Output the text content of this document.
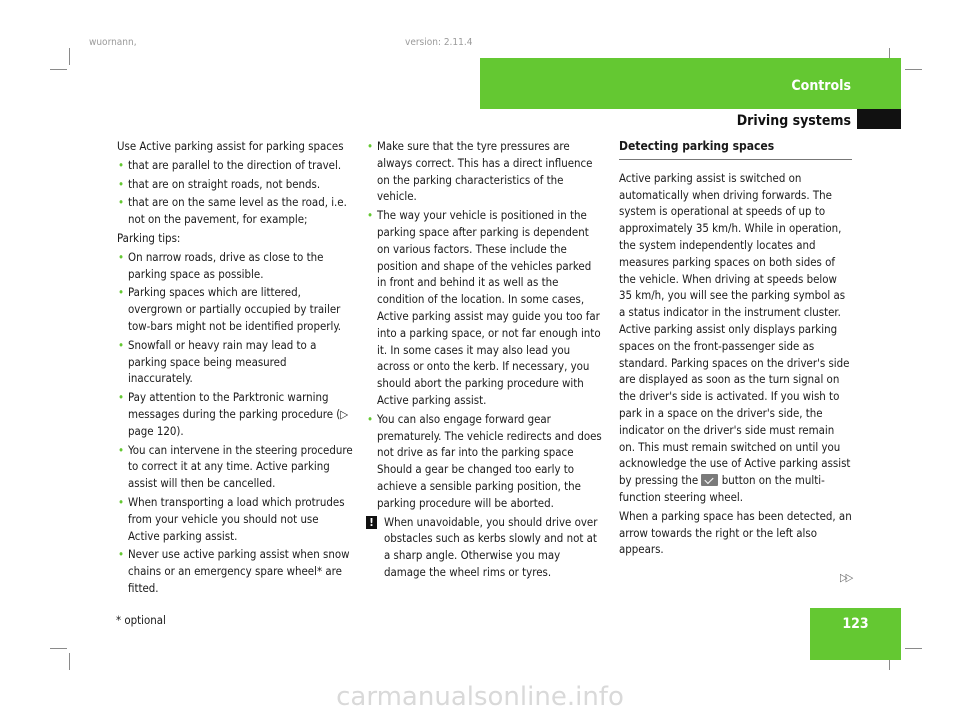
wuornann,	version: 2.11.4
Controls
Driving systems

Use Active parking assist for parking spaces

• that are parallel to the direction of travel.
• that are on straight roads, not bends.
• that are on the same level as the road, i.e. not on the pavement, for example;

Parking tips:

• On narrow roads, drive as close to the parking space as possible.
• Parking spaces which are littered, overgrown or partially occupied by trailer tow-bars might not be identified properly.
• Snowfall or heavy rain may lead to a parking space being measured inaccurately.
• Pay attention to the Parktronic warning messages during the parking procedure (▷ page 120).
• You can intervene in the steering procedure to correct it at any time. Active parking assist will then be cancelled.
• When transporting a load which protrudes from your vehicle you should not use Active parking assist.
• Never use active parking assist when snow chains or an emergency spare wheel* are fitted.
• Make sure that the tyre pressures are always correct. This has a direct influence on the parking characteristics of the vehicle.
• The way your vehicle is positioned in the parking space after parking is dependent on various factors. These include the position and shape of the vehicles parked in front and behind it as well as the condition of the location. In some cases, Active parking assist may guide you too far into a parking space, or not far enough into it. In some cases it may also lead you across or onto the kerb. If necessary, you should abort the parking procedure with Active parking assist.
• You can also engage forward gear prematurely. The vehicle redirects and does not drive as far into the parking space Should a gear be changed too early to achieve a sensible parking position, the parking procedure will be aborted.
! When unavoidable, you should drive over obstacles such as kerbs slowly and not at a sharp angle. Otherwise you may damage the wheel rims or tyres.

Detecting parking spaces

Active parking assist is switched on automatically when driving forwards. The system is operational at speeds of up to approximately 35 km/h. While in operation, the system independently locates and measures parking spaces on both sides of the vehicle. When driving at speeds below 35 km/h, you will see the parking symbol as a status indicator in the instrument cluster. Active parking assist only displays parking spaces on the front-passenger side as standard. Parking spaces on the driver's side are displayed as soon as the turn signal on the driver's side is activated. If you wish to park in a space on the driver's side, the indicator on the driver's side must remain on. This must remain switched on until you acknowledge the use of Active parking assist by pressing the button on the multi-function steering wheel.

When a parking space has been detected, an arrow towards the right or the left also appears.

▷▷
* optional	123
carmanualsonline.info
